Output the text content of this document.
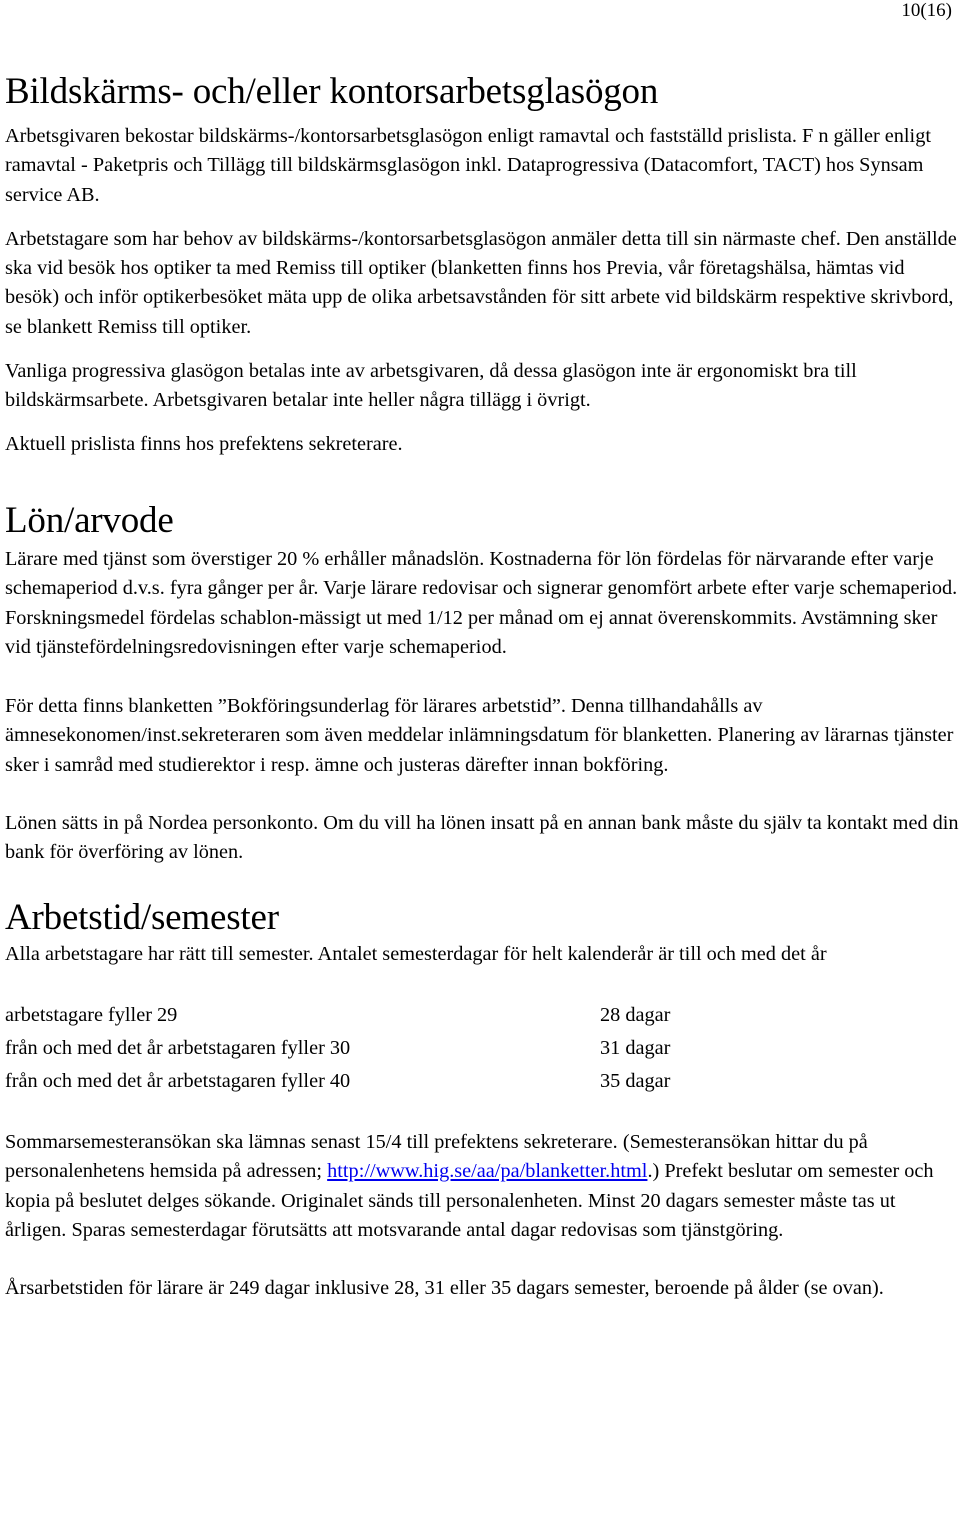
10(16)
Bildskärms- och/eller kontorsarbetsglasögon

Arbetsgivaren bekostar bildskärms-/kontorsarbetsglasögon enligt ramavtal och fastställd prislista. F n gäller enligt ramavtal - Paketpris och Tillägg till bildskärmsglasögon inkl. Dataprogressiva (Datacomfort, TACT) hos Synsam service AB.

Arbetstagare som har behov av bildskärms-/kontorsarbetsglasögon anmäler detta till sin närmaste chef. Den anställde ska vid besök hos optiker ta med Remiss till optiker (blanketten finns hos Previa, vår företagshälsa, hämtas vid besök) och inför optikerbesöket mäta upp de olika arbetsavstånden för sitt arbete vid bildskärm respektive skrivbord, se blankett Remiss till optiker.

Vanliga progressiva glasögon betalas inte av arbetsgivaren, då dessa glasögon inte är ergonomiskt bra till bildskärmsarbete. Arbetsgivaren betalar inte heller några tillägg i övrigt.

Aktuell prislista finns hos prefektens sekreterare.

Lön/arvode

Lärare med tjänst som överstiger 20 % erhåller månadslön. Kostnaderna för lön fördelas för närvarande efter varje schemaperiod d.v.s. fyra gånger per år. Varje lärare redovisar och signerar genomfört arbete efter varje schemaperiod. Forskningsmedel fördelas schablon-mässigt ut med 1/12 per månad om ej annat överenskommits. Avstämning sker vid tjänstefördelningsredovisningen efter varje schemaperiod.

För detta finns blanketten ”Bokföringsunderlag för lärares arbetstid”. Denna tillhandahålls av ämnesekonomen/inst.sekreteraren som även meddelar inlämningsdatum för blanketten. Planering av lärarnas tjänster sker i samråd med studierektor i resp. ämne och justeras därefter innan bokföring.

Lönen sätts in på Nordea personkonto. Om du vill ha lönen insatt på en annan bank måste du själv ta kontakt med din bank för överföring av lönen.

Arbetstid/semester

Alla arbetstagare har rätt till semester. Antalet semesterdagar för helt kalenderår är till och med det år

arbetstagare fyller 29	28 dagar
från och med det år arbetstagaren fyller 30	31 dagar
från och med det år arbetstagaren fyller 40	35 dagar

Sommarsemesteransökan ska lämnas senast 15/4 till prefektens sekreterare. (Semesteransökan hittar du på personalenhetens hemsida på adressen; http://www.hig.se/aa/pa/blanketter.html.) Prefekt beslutar om semester och kopia på beslutet delges sökande. Originalet sänds till personalenheten. Minst 20 dagars semester måste tas ut årligen. Sparas semesterdagar förutsätts att motsvarande antal dagar redovisas som tjänstgöring.

Årsarbetstiden för lärare är 249 dagar inklusive 28, 31 eller 35 dagars semester, beroende på ålder (se ovan).
